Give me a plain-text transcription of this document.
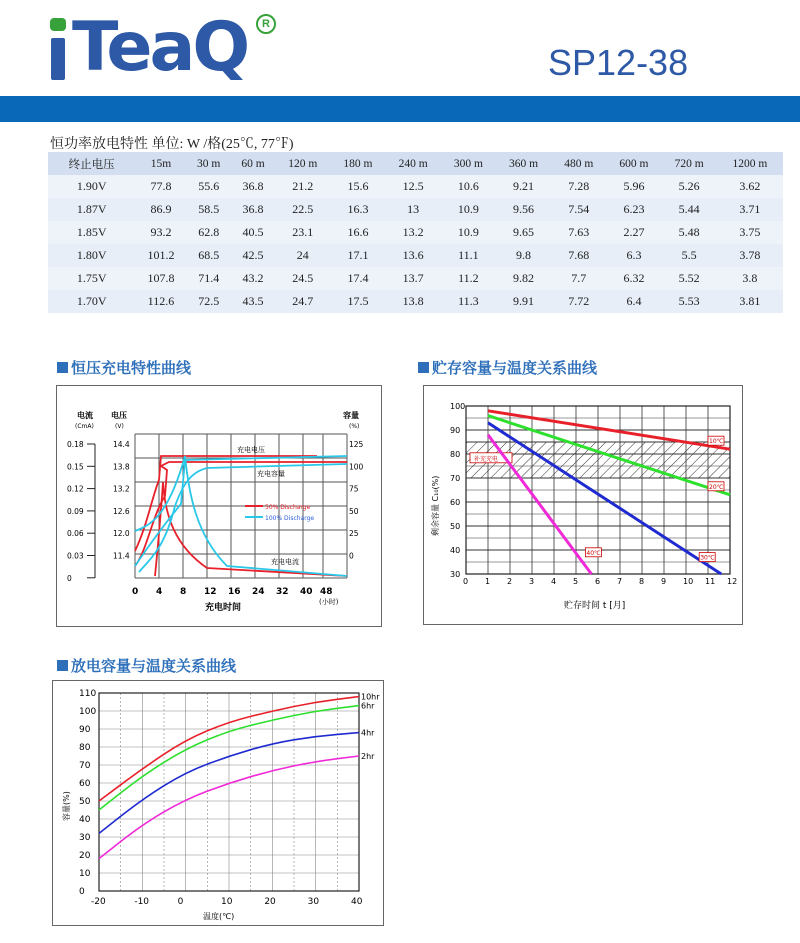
TeaQ	R
SP12-38
恒功率放电特性 单位: W /格(25℃, 77℉)
终止电压	15m	30 m	60 m	120 m	180 m	240 m	300 m	360 m	480 m	600 m	720 m	1200 m
1.90V	77.8	55.6	36.8	21.2	15.6	12.5	10.6	9.21	7.28	5.96	5.26	3.62
1.87V	86.9	58.5	36.8	22.5	16.3	13	10.9	9.56	7.54	6.23	5.44	3.71
1.85V	93.2	62.8	40.5	23.1	16.6	13.2	10.9	9.65	7.63	2.27	5.48	3.75
1.80V	101.2	68.5	42.5	24	17.1	13.6	11.1	9.8	7.68	6.3	5.5	3.78
1.75V	107.8	71.4	43.2	24.5	17.4	13.7	11.2	9.82	7.7	6.32	5.52	3.8
1.70V	112.6	72.5	43.5	24.7	17.5	13.8	11.3	9.91	7.72	6.4	5.53	3.81
恒压充电特性曲线	贮存容量与温度关系曲线
放电容量与温度关系曲线
电流
(CmA)
0.18
0.15
0.12
0.09
0.06
0.03
0
电压
(V)
14.4
13.8
13.2
12.6
12.0
11.4
容量
(%)
125
100
75
50
25
0
0 4 8 12 16 24 32 40 48
充电时间
(小时)
充电电压
充电容量
充电电流
50% Discharge
100% Discharge
30
40
50
60
70
80
90
100
0 1 2 3 4 5 6 7 8 9 10 11 12
剩余容量 C₁₀(%)
贮存时间 t [月]
补充充电
10℃
20℃
30℃
40℃
0
10
20
30
40
50
60
70
80
90
100
110
-20	-10	0	10	20	30	40
温度(℃)
容量(%)
10hr
6hr
4hr
2hr
